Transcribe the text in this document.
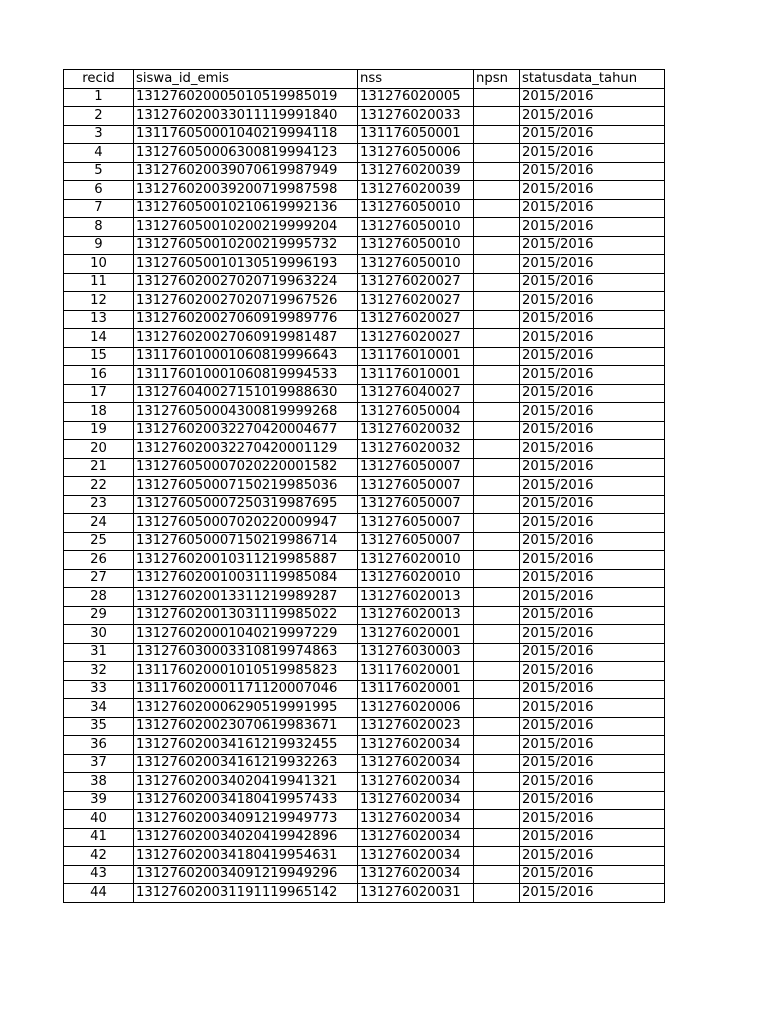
recid	siswa_id_emis	nss	npsn	statusdata_tahun
1	131276020005010519985019	131276020005		2015/2016
2	131276020033011119991840	131276020033		2015/2016
3	131176050001040219994118	131176050001		2015/2016
4	131276050006300819994123	131276050006		2015/2016
5	131276020039070619987949	131276020039		2015/2016
6	131276020039200719987598	131276020039		2015/2016
7	131276050010210619992136	131276050010		2015/2016
8	131276050010200219999204	131276050010		2015/2016
9	131276050010200219995732	131276050010		2015/2016
10	131276050010130519996193	131276050010		2015/2016
11	131276020027020719963224	131276020027		2015/2016
12	131276020027020719967526	131276020027		2015/2016
13	131276020027060919989776	131276020027		2015/2016
14	131276020027060919981487	131276020027		2015/2016
15	131176010001060819996643	131176010001		2015/2016
16	131176010001060819994533	131176010001		2015/2016
17	131276040027151019988630	131276040027		2015/2016
18	131276050004300819999268	131276050004		2015/2016
19	131276020032270420004677	131276020032		2015/2016
20	131276020032270420001129	131276020032		2015/2016
21	131276050007020220001582	131276050007		2015/2016
22	131276050007150219985036	131276050007		2015/2016
23	131276050007250319987695	131276050007		2015/2016
24	131276050007020220009947	131276050007		2015/2016
25	131276050007150219986714	131276050007		2015/2016
26	131276020010311219985887	131276020010		2015/2016
27	131276020010031119985084	131276020010		2015/2016
28	131276020013311219989287	131276020013		2015/2016
29	131276020013031119985022	131276020013		2015/2016
30	131276020001040219997229	131276020001		2015/2016
31	131276030003310819974863	131276030003		2015/2016
32	131176020001010519985823	131176020001		2015/2016
33	131176020001171120007046	131176020001		2015/2016
34	131276020006290519991995	131276020006		2015/2016
35	131276020023070619983671	131276020023		2015/2016
36	131276020034161219932455	131276020034		2015/2016
37	131276020034161219932263	131276020034		2015/2016
38	131276020034020419941321	131276020034		2015/2016
39	131276020034180419957433	131276020034		2015/2016
40	131276020034091219949773	131276020034		2015/2016
41	131276020034020419942896	131276020034		2015/2016
42	131276020034180419954631	131276020034		2015/2016
43	131276020034091219949296	131276020034		2015/2016
44	131276020031191119965142	131276020031		2015/2016
